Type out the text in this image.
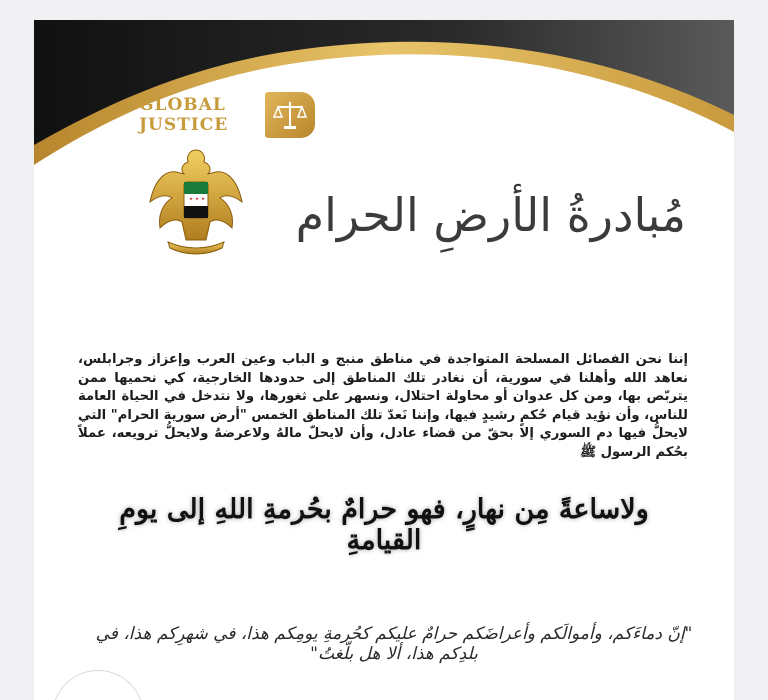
GLOBAL
JUSTICE
مُبادرةُ الأرضِ الحرام
إننا نحن الفصائل المسلحة المتواجدة في مناطق منبج و الباب وعين العرب وإعزاز وجرابلس، نعاهد الله وأهلنا في سورية، أن نغادر تلك المناطق إلى حدودها الخارجية، كي نحميها ممن يتربّص بها، ومن كل عدوان أو محاولة احتلال، ونسهر على ثغورها، ولا نتدخل في الحياة العامة للناس، وأن نؤيد قيام حُكمٍ رشيدٍ فيها، وإننا نَعدّ تلك المناطق الخمس "أرض سورية الحرام" التي لايحلُّ فيها دم السوري إلا بحقّ من قضاء عادل، وأن لايحلّ مالهُ ولاعرضهُ ولايحلُّ ترويعه، عملاً بحُكم الرسول ﷺ
ولاساعةً مِن نهارٍ، فهو حرامٌ بحُرمةِ اللهِ إلى يومِ القيامةِ
"إنّ دماءَكم، وأموالَكم وأعراضَكم حرامٌ عليكم كحُرمةِ يومِكم هذا، في شهرِكم هذا، في بلدِكم هذا، ألا هل بلّغتُ"
